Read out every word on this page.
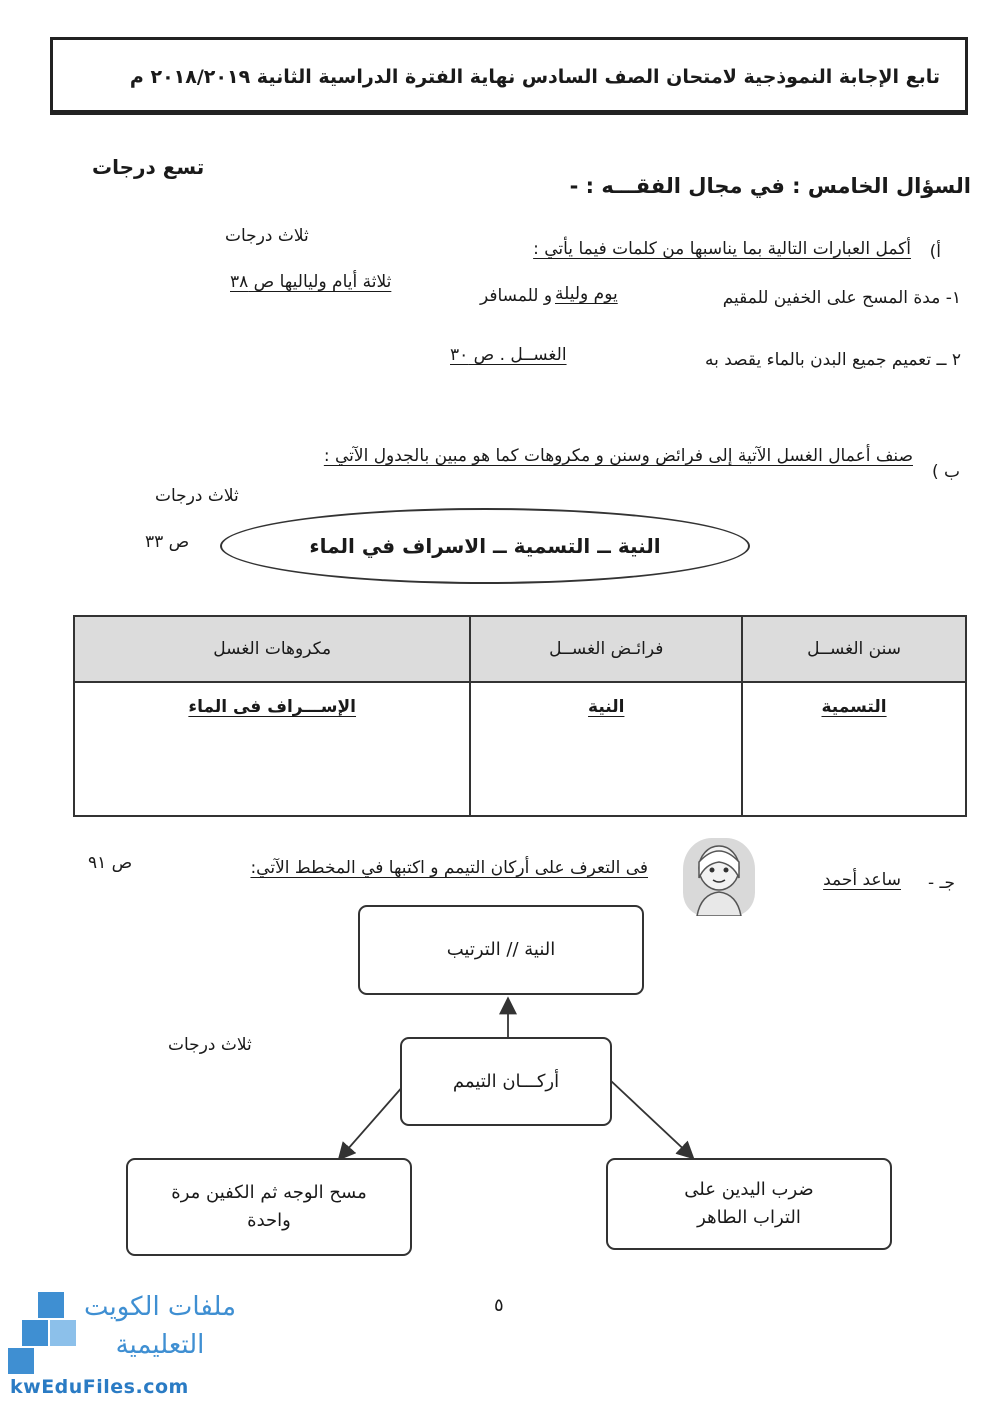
تابع الإجابة النموذجية لامتحان الصف السادس نهاية الفترة الدراسية الثانية ٢٠١٨/٢٠١٩ م
السؤال الخامس : في مجال الفقـــه : -
تسع درجات
أ)
أكمل العبارات التالية بما يناسبها من كلمات فيما يأتي :
ثلاث درجات
١- مدة المسح على الخفين للمقيم
يوم وليلة
و للمسافر
ثلاثة أيام ولياليها ص ٣٨
٢ ــ تعميم جميع البدن بالماء يقصد به
الغســل . ص ٣٠
ب )
صنف أعمال الغسل الآتية إلى فرائض وسنن و مكروهات كما هو مبين بالجدول الآتي :
ثلاث درجات
ص ٣٣	النية ــ التسمية ــ الاسراف في الماء
سنن الغســل	فرائـض الغســل	مكروهات الغسل
التسمية	النية	الإســـراف فى الماء
جـ -
ساعد أحمد
فى التعرف على أركان التيمم و اكتبها في المخطط الآتي:
ص ٩١
ثلاث درجات
النية // الترتيب
أركـــان التيمم
مسح الوجه ثم الكفين مرة واحدة
ضرب اليدين على التراب الطاهر
٥
ملفات الكويت
التعليمية
kwEduFiles.com
